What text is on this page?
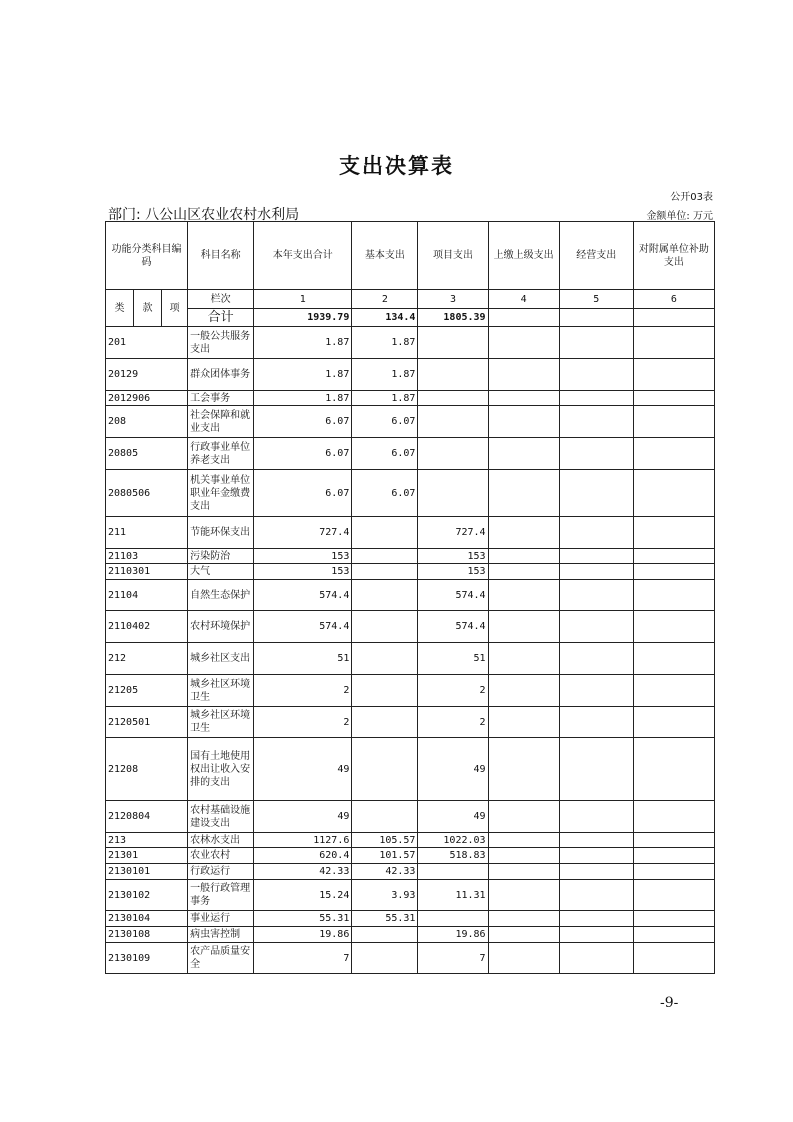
支出决算表
公开03表
部门: 八公山区农业农村水利局	金额单位: 万元
功能分类科目编码			科目名称	本年支出合计	基本支出	项目支出	上缴上级支出	经营支出	对附属单位补助支出
类	款	项	栏次	1	2	3	4	5	6
			合计	1939.79	134.4	1805.39			
201			一般公共服务支出	1.87	1.87				
20129			群众团体事务	1.87	1.87				
2012906			工会事务	1.87	1.87				
208			社会保障和就业支出	6.07	6.07				
20805			行政事业单位养老支出	6.07	6.07				
2080506			机关事业单位职业年金缴费支出	6.07	6.07				
211			节能环保支出	727.4		727.4			
21103			污染防治	153		153			
2110301			大气	153		153			
21104			自然生态保护	574.4		574.4			
2110402			农村环境保护	574.4		574.4			
212			城乡社区支出	51		51			
21205			城乡社区环境卫生	2		2			
2120501			城乡社区环境卫生	2		2			
21208			国有土地使用权出让收入安排的支出	49		49			
2120804			农村基础设施建设支出	49		49			
213			农林水支出	1127.6	105.57	1022.03			
21301			农业农村	620.4	101.57	518.83			
2130101			行政运行	42.33	42.33				
2130102			一般行政管理事务	15.24	3.93	11.31			
2130104			事业运行	55.31	55.31				
2130108			病虫害控制	19.86		19.86			
2130109			农产品质量安全	7		7			
-9-
